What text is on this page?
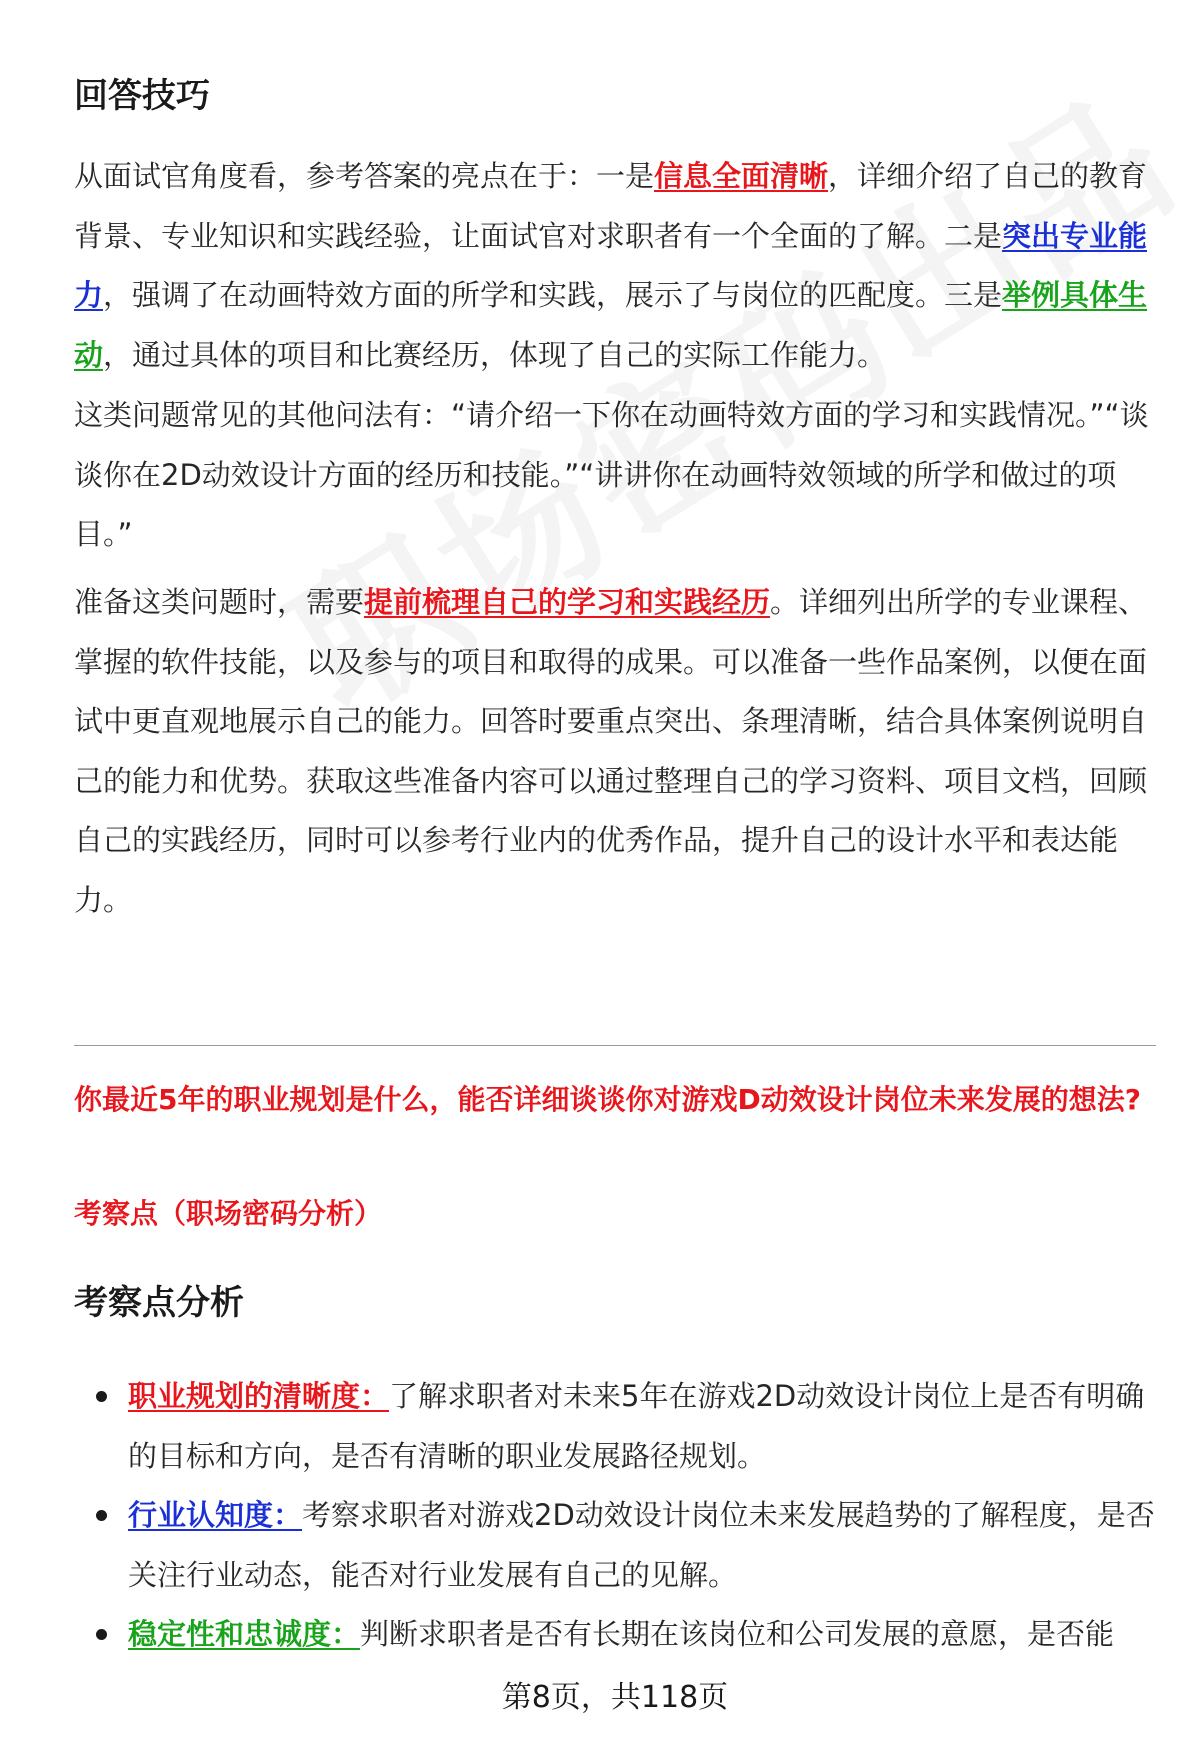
回答技巧

从面试官角度看，参考答案的亮点在于：一是信息全面清晰，详细介绍了自己的教育背景、专业知识和实践经验，让面试官对求职者有一个全面的了解。二是突出专业能力，强调了在动画特效方面的所学和实践，展示了与岗位的匹配度。三是举例具体生动，通过具体的项目和比赛经历，体现了自己的实际工作能力。

这类问题常见的其他问法有：“请介绍一下你在动画特效方面的学习和实践情况。”“谈谈你在2D动效设计方面的经历和技能。”“讲讲你在动画特效领域的所学和做过的项目。”

准备这类问题时，需要提前梳理自己的学习和实践经历。详细列出所学的专业课程、掌握的软件技能，以及参与的项目和取得的成果。可以准备一些作品案例，以便在面试中更直观地展示自己的能力。回答时要重点突出、条理清晰，结合具体案例说明自己的能力和优势。获取这些准备内容可以通过整理自己的学习资料、项目文档，回顾自己的实践经历，同时可以参考行业内的优秀作品，提升自己的设计水平和表达能力。

你最近5年的职业规划是什么，能否详细谈谈你对游戏D动效设计岗位未来发展的想法?

考察点（职场密码分析）

考察点分析
职业规划的清晰度：了解求职者对未来5年在游戏2D动效设计岗位上是否有明确的目标和方向，是否有清晰的职业发展路径规划。
行业认知度：考察求职者对游戏2D动效设计岗位未来发展趋势的了解程度，是否关注行业动态，能否对行业发展有自己的见解。
稳定性和忠诚度：判断求职者是否有长期在该岗位和公司发展的意愿，是否能

第8页，共118页
